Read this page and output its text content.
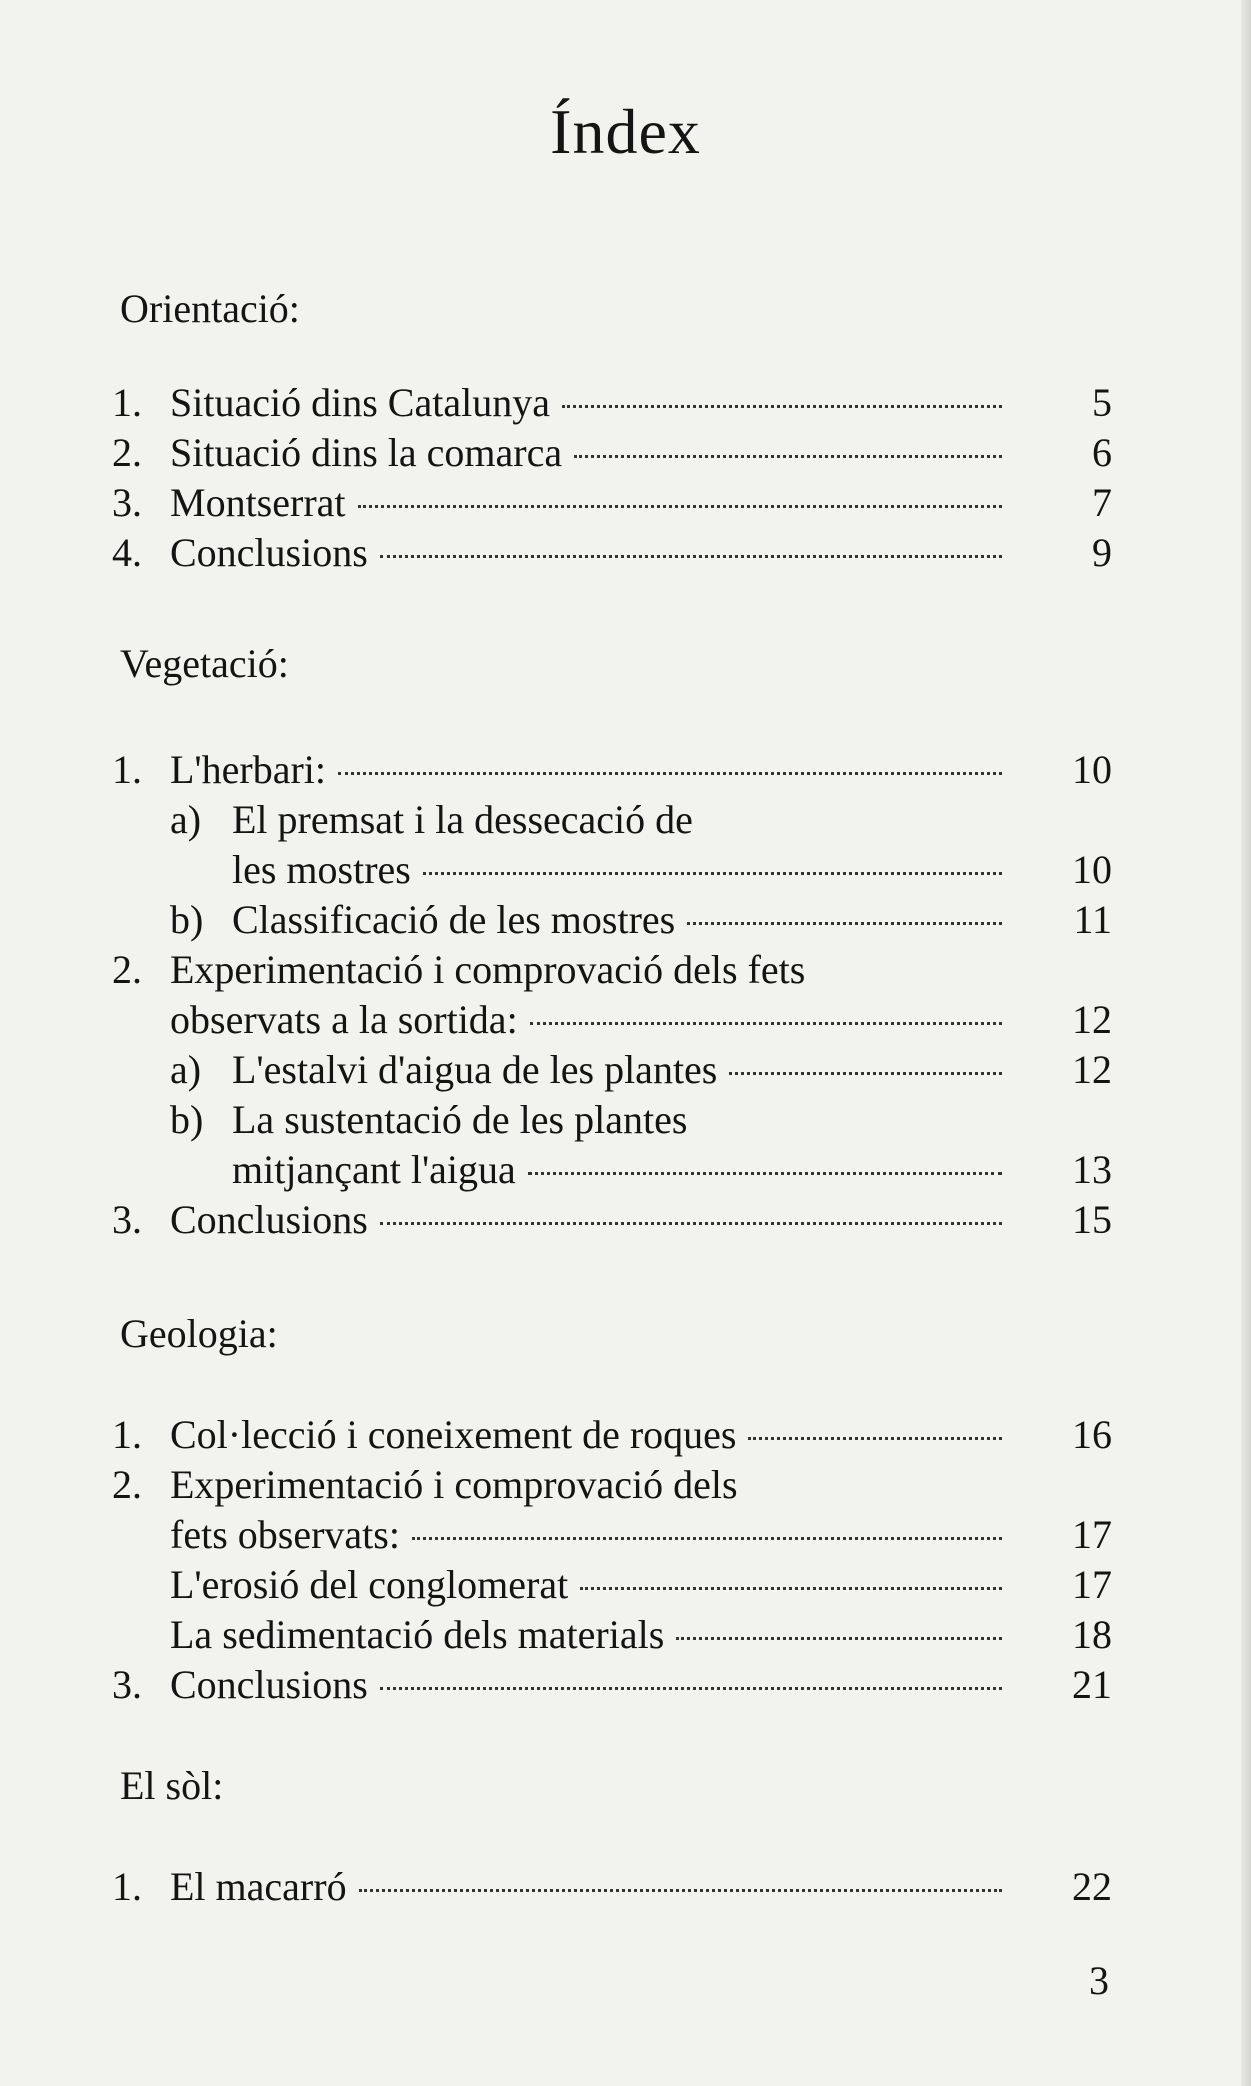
Índex
Orientació:
1. Situació dins Catalunya	5
2. Situació dins la comarca	6
3. Montserrat	7
4. Conclusions	9
Vegetació:
1. L'herbari:	10
a) El premsat i la dessecació de
les mostres	10
b) Classificació de les mostres	11
2. Experimentació i comprovació dels fets
observats a la sortida:	12
a) L'estalvi d'aigua de les plantes	12
b) La sustentació de les plantes
mitjançant l'aigua	13
3. Conclusions	15
Geologia:
1. Col·lecció i coneixement de roques	16
2. Experimentació i comprovació dels
fets observats:	17
L'erosió del conglomerat	17
La sedimentació dels materials	18
3. Conclusions	21
El sòl:
1. El macarró	22
3
